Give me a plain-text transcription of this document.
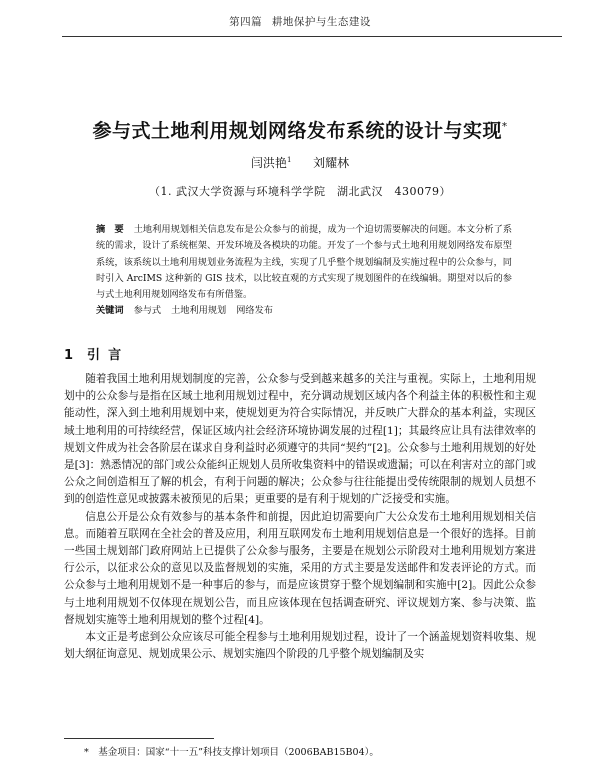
第四篇 耕地保护与生态建设
参与式土地利用规划网络发布系统的设计与实现*
闫洪艳$^1$ 刘耀林
（1. 武汉大学资源与环境科学学院　湖北武汉　430079）
摘　要 土地利用规划相关信息发布是公众参与的前提，成为一个迫切需要解决的问题。本文分析了系统的需求，设计了系统框架、开发环境及各模块的功能。开发了一个参与式土地利用规划网络发布原型系统，该系统以土地利用规划业务流程为主线，实现了几乎整个规划编制及实施过程中的公众参与，同时引入 ArcIMS 这种新的 GIS 技术，以比较直观的方式实现了规划图件的在线编辑。期望对以后的参与式土地利用规划网络发布有所借鉴。
关键词 参与式 土地利用规划 网络发布
1 引 言

随着我国土地利用规划制度的完善，公众参与受到越来越多的关注与重视。实际上，土地利用规划中的公众参与是指在区域土地利用规划过程中，充分调动规划区域内各个利益主体的积极性和主观能动性，深入到土地利用规划中来，使规划更为符合实际情况，并反映广大群众的基本利益，实现区域土地利用的可持续经营，保证区域内社会经济环境协调发展的过程[1]；其最终应让具有法律效率的规划文件成为社会各阶层在谋求自身利益时必须遵守的共同“契约”[2]。公众参与土地利用规划的好处是[3]：熟悉情况的部门或公众能纠正规划人员所收集资料中的错误或遗漏；可以在利害对立的部门或公众之间创造相互了解的机会，有利于问题的解决；公众参与往往能提出受传统限制的规划人员想不到的创造性意见或披露未被预见的后果；更重要的是有利于规划的广泛接受和实施。

信息公开是公众有效参与的基本条件和前提，因此迫切需要向广大公众发布土地利用规划相关信息。而随着互联网在全社会的普及应用，利用互联网发布土地利用规划信息是一个很好的选择。目前一些国土规划部门政府网站上已提供了公众参与服务，主要是在规划公示阶段对土地利用规划方案进行公示，以征求公众的意见以及监督规划的实施，采用的方式主要是发送邮件和发表评论的方式。而公众参与土地利用规划不是一种事后的参与，而是应该贯穿于整个规划编制和实施中[2]。因此公众参与土地利用规划不仅体现在规划公告，而且应该体现在包括调查研究、评议规划方案、参与决策、监督规划实施等土地利用规划的整个过程[4]。

本文正是考虑到公众应该尽可能全程参与土地利用规划过程，设计了一个涵盖规划资料收集、规划大纲征询意见、规划成果公示、规划实施四个阶段的几乎整个规划编制及实

*　基金项目：国家“十一五”科技支撑计划项目（2006BAB15B04）。
